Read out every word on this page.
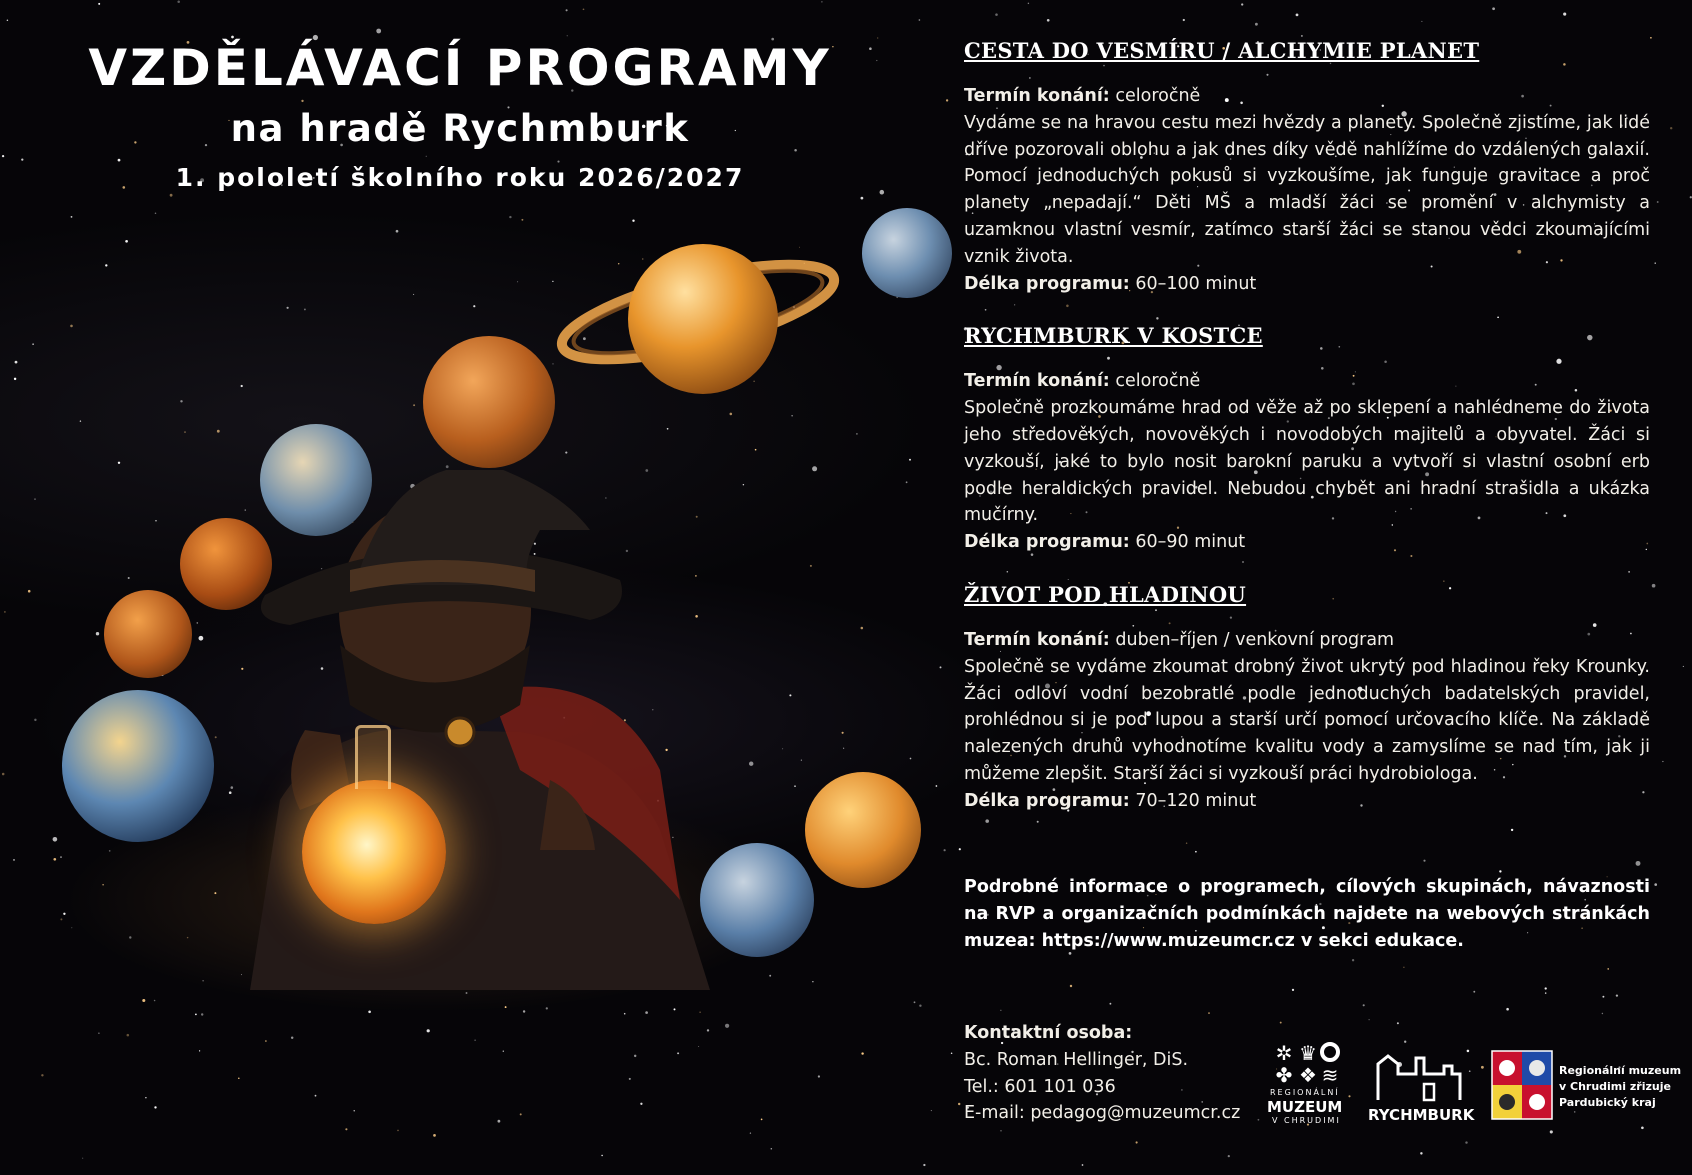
VZDĚLÁVACÍ PROGRAMY
na hradě Rychmburk
1. pololetí školního roku 2026/2027
CESTA DO VESMÍRU / ALCHYMIE PLANET

Termín konání: celoročně
Vydáme se na hravou cestu mezi hvězdy a planety. Společně zjistíme, jak lidé dříve pozorovali oblohu a jak dnes díky vědě nahlížíme do vzdálených galaxií. Pomocí jednoduchých pokusů si vyzkoušíme, jak funguje gravitace a proč planety „nepadají.“ Děti MŠ a mladší žáci se promění v alchymisty a uzamknou vlastní vesmír, zatímco starší žáci se stanou vědci zkoumajícími vznik života.
Délka programu: 60–100 minut

RYCHMBURK V KOSTCE

Termín konání: celoročně
Společně prozkoumáme hrad od věže až po sklepení a nahlédneme do života jeho středověkých, novověkých i novodobých majitelů a obyvatel. Žáci si vyzkouší, jaké to bylo nosit barokní paruku a vytvoří si vlastní osobní erb podle heraldických pravidel. Nebudou chybět ani hradní strašidla a ukázka mučírny.
Délka programu: 60–90 minut

ŽIVOT POD HLADINOU

Termín konání: duben–říjen / venkovní program
Společně se vydáme zkoumat drobný život ukrytý pod hladinou řeky Krounky. Žáci odloví vodní bezobratlé podle jednoduchých badatelských pravidel, prohlédnou si je pod lupou a starší určí pomocí určovacího klíče. Na základě nalezených druhů vyhodnotíme kvalitu vody a zamyslíme se nad tím, jak ji můžeme zlepšit. Starší žáci si vyzkouší práci hydrobiologa.
Délka programu: 70–120 minut

Podrobné informace o programech, cílových skupinách, návaznosti na RVP a organizačních podmínkách najdete na webových stránkách muzea: https://www.muzeumcr.cz v sekci edukace.
Kontaktní osoba:
Bc. Roman Hellinger, DiS.
Tel.: 601 101 036
E-mail: pedagog@muzeumcr.cz
✲ ♛
✤ ❖ ≋
REGIONÁLNÍ
MUZEUM
V CHRUDIMI RYCHMBURK
Regionální muzeum
v Chrudimi zřizuje
Pardubický kraj
